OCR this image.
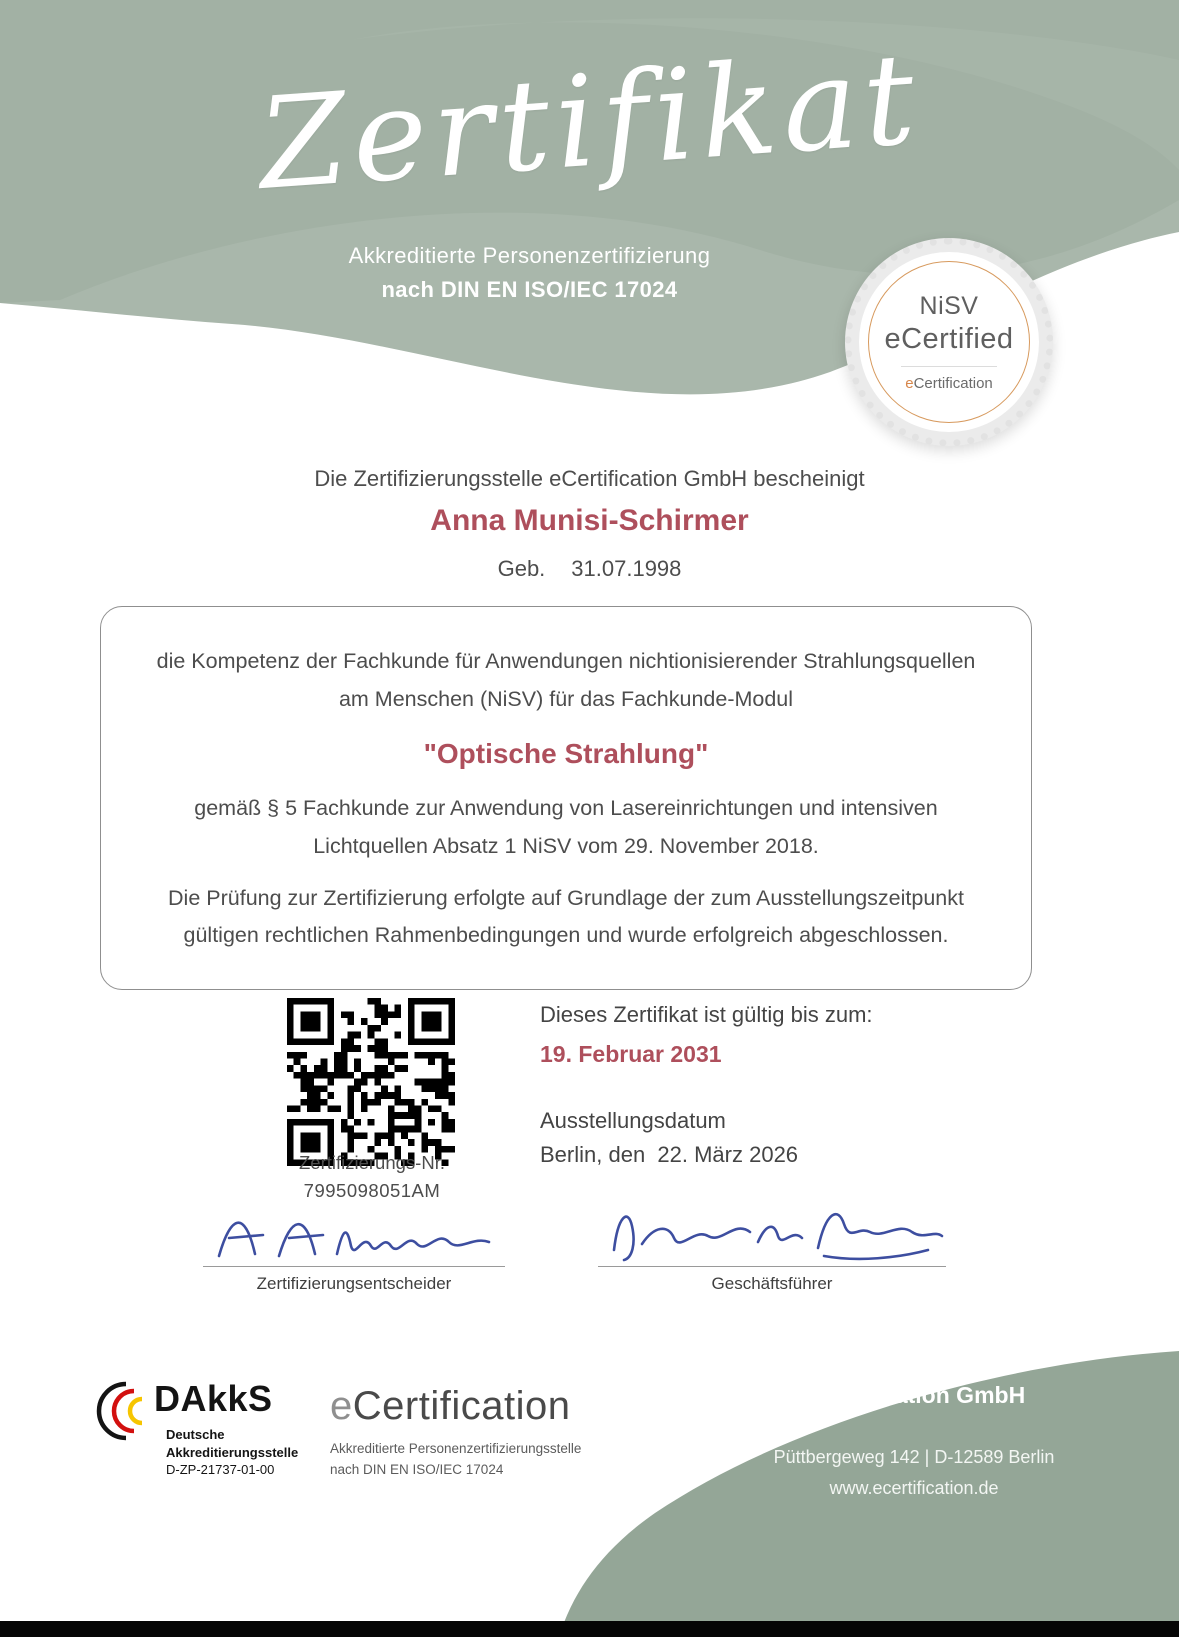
Zertifikat
Akkreditierte Personenzertifizierung
nach DIN EN ISO/IEC 17024
NiSV
eCertified
eCertification
Die Zertifizierungsstelle eCertification GmbH bescheinigt
Anna Munisi-Schirmer
Geb. 31.07.1998

die Kompetenz der Fachkunde für Anwendungen nichtionisierender Strahlungsquellen am Menschen (NiSV) für das Fachkunde-Modul

"Optische Strahlung"

gemäß § 5 Fachkunde zur Anwendung von Lasereinrichtungen und intensiven Lichtquellen Absatz 1 NiSV vom 29. November 2018.

Die Prüfung zur Zertifizierung erfolgte auf Grundlage der zum Ausstellungszeitpunkt gültigen rechtlichen Rahmenbedingungen und wurde erfolgreich abgeschlossen.

Zertifizierungs-Nr.
7995098051AM
Dieses Zertifikat ist gültig bis zum:
19. Februar 2031
Ausstellungsdatum
Berlin, den  22. März 2026
Zertifizierungsentscheider	Geschäftsführer
DAkkS
Deutsche
Akkreditierungsstelle
D-ZP-21737-01-00
eCertification
Akkreditierte Personenzertifizierungsstelle
nach DIN EN ISO/IEC 17024
eCertification GmbH
Püttbergeweg 142 | D-12589 Berlin
www.ecertification.de
